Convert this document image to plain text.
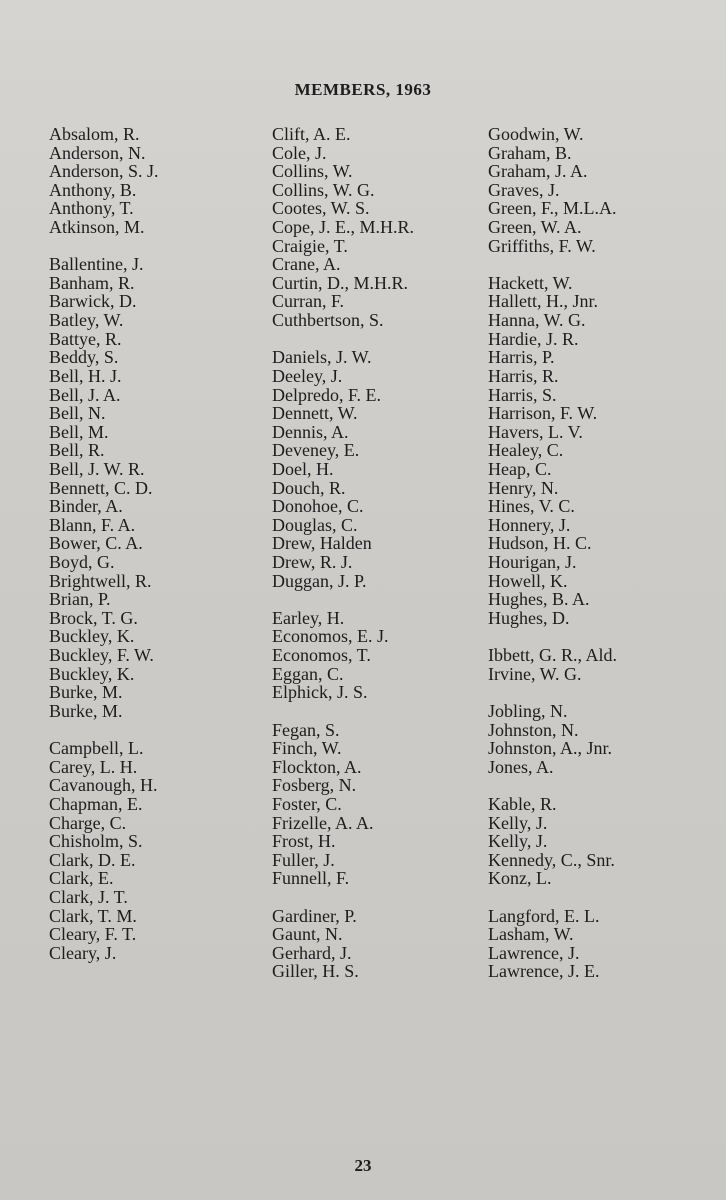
MEMBERS, 1963
Absalom, R.
Anderson, N.
Anderson, S. J.
Anthony, B.
Anthony, T.
Atkinson, M.
Ballentine, J.
Banham, R.
Barwick, D.
Batley, W.
Battye, R.
Beddy, S.
Bell, H. J.
Bell, J. A.
Bell, N.
Bell, M.
Bell, R.
Bell, J. W. R.
Bennett, C. D.
Binder, A.
Blann, F. A.
Bower, C. A.
Boyd, G.
Brightwell, R.
Brian, P.
Brock, T. G.
Buckley, K.
Buckley, F. W.
Buckley, K.
Burke, M.
Burke, M.
Campbell, L.
Carey, L. H.
Cavanough, H.
Chapman, E.
Charge, C.
Chisholm, S.
Clark, D. E.
Clark, E.
Clark, J. T.
Clark, T. M.
Cleary, F. T.
Cleary, J.
Clift, A. E.
Cole, J.
Collins, W.
Collins, W. G.
Cootes, W. S.
Cope, J. E., M.H.R.
Craigie, T.
Crane, A.
Curtin, D., M.H.R.
Curran, F.
Cuthbertson, S.
Daniels, J. W.
Deeley, J.
Delpredo, F. E.
Dennett, W.
Dennis, A.
Deveney, E.
Doel, H.
Douch, R.
Donohoe, C.
Douglas, C.
Drew, Halden
Drew, R. J.
Duggan, J. P.
Earley, H.
Economos, E. J.
Economos, T.
Eggan, C.
Elphick, J. S.
Fegan, S.
Finch, W.
Flockton, A.
Fosberg, N.
Foster, C.
Frizelle, A. A.
Frost, H.
Fuller, J.
Funnell, F.
Gardiner, P.
Gaunt, N.
Gerhard, J.
Giller, H. S.
Goodwin, W.
Graham, B.
Graham, J. A.
Graves, J.
Green, F., M.L.A.
Green, W. A.
Griffiths, F. W.
Hackett, W.
Hallett, H., Jnr.
Hanna, W. G.
Hardie, J. R.
Harris, P.
Harris, R.
Harris, S.
Harrison, F. W.
Havers, L. V.
Healey, C.
Heap, C.
Henry, N.
Hines, V. C.
Honnery, J.
Hudson, H. C.
Hourigan, J.
Howell, K.
Hughes, B. A.
Hughes, D.
Ibbett, G. R., Ald.
Irvine, W. G.
Jobling, N.
Johnston, N.
Johnston, A., Jnr.
Jones, A.
Kable, R.
Kelly, J.
Kelly, J.
Kennedy, C., Snr.
Konz, L.
Langford, E. L.
Lasham, W.
Lawrence, J.
Lawrence, J. E.
23
